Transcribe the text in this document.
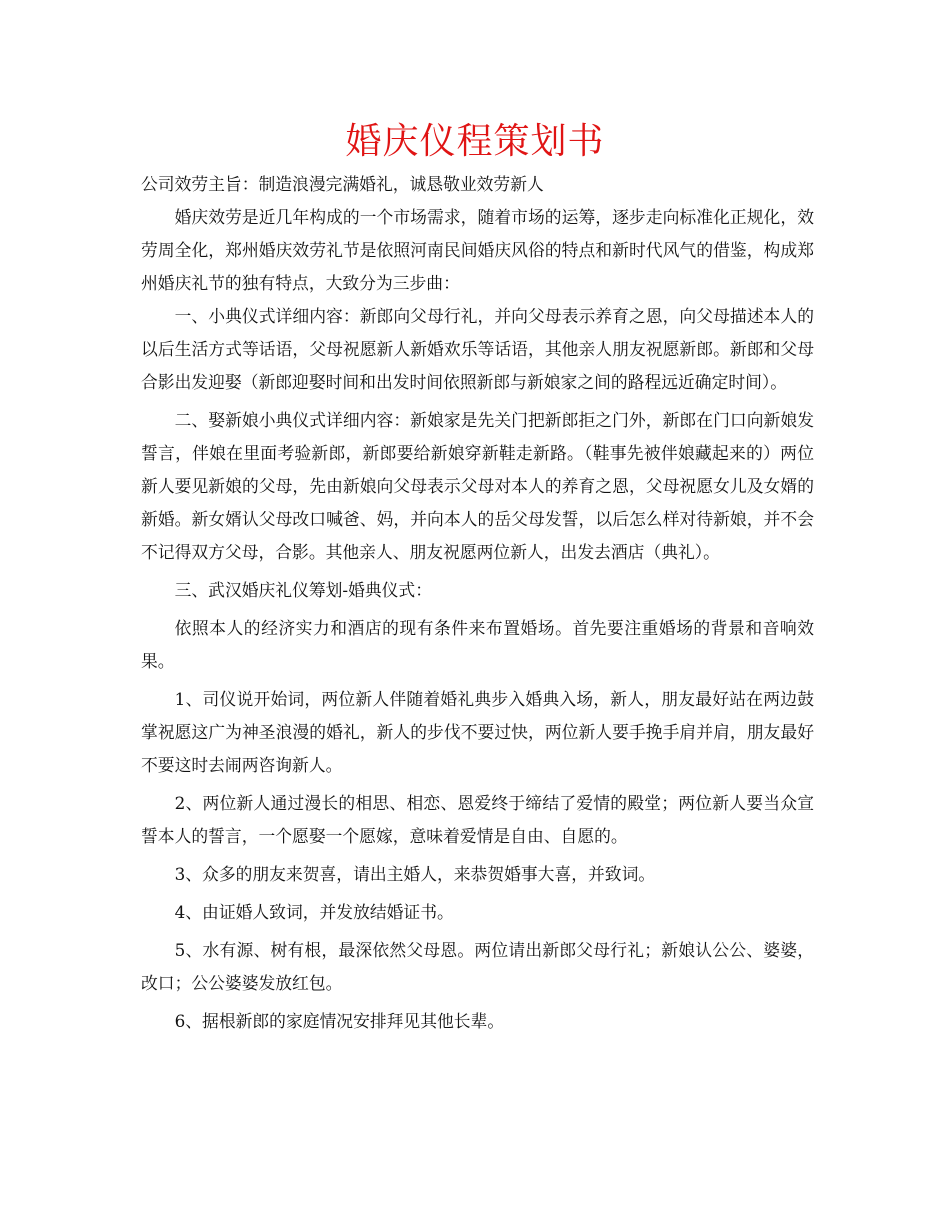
婚庆仪程策划书

公司效劳主旨：制造浪漫完满婚礼，诚恳敬业效劳新人

婚庆效劳是近几年构成的一个市场需求，随着市场的运筹，逐步走向标准化正规化，效劳周全化，郑州婚庆效劳礼节是依照河南民间婚庆风俗的特点和新时代风气的借鉴，构成郑州婚庆礼节的独有特点，大致分为三步曲：

一、小典仪式详细内容：新郎向父母行礼，并向父母表示养育之恩，向父母描述本人的以后生活方式等话语，父母祝愿新人新婚欢乐等话语，其他亲人朋友祝愿新郎。新郎和父母合影出发迎娶（新郎迎娶时间和出发时间依照新郎与新娘家之间的路程远近确定时间）。

二、娶新娘小典仪式详细内容：新娘家是先关门把新郎拒之门外，新郎在门口向新娘发誓言，伴娘在里面考验新郎，新郎要给新娘穿新鞋走新路。（鞋事先被伴娘藏起来的）两位新人要见新娘的父母，先由新娘向父母表示父母对本人的养育之恩，父母祝愿女儿及女婿的新婚。新女婿认父母改口喊爸、妈，并向本人的岳父母发誓，以后怎么样对待新娘，并不会不记得双方父母，合影。其他亲人、朋友祝愿两位新人，出发去酒店（典礼）。

三、武汉婚庆礼仪筹划-婚典仪式：

依照本人的经济实力和酒店的现有条件来布置婚场。首先要注重婚场的背景和音响效果。

1、司仪说开始词，两位新人伴随着婚礼典步入婚典入场，新人，朋友最好站在两边鼓掌祝愿这广为神圣浪漫的婚礼，新人的步伐不要过快，两位新人要手挽手肩并肩，朋友最好不要这时去闹两咨询新人。

2、两位新人通过漫长的相思、相恋、恩爱终于缔结了爱情的殿堂；两位新人要当众宣誓本人的誓言，一个愿娶一个愿嫁，意味着爱情是自由、自愿的。

3、众多的朋友来贺喜，请出主婚人，来恭贺婚事大喜，并致词。

4、由证婚人致词，并发放结婚证书。

5、水有源、树有根，最深依然父母恩。两位请出新郎父母行礼；新娘认公公、婆婆，改口；公公婆婆发放红包。

6、据根新郎的家庭情况安排拜见其他长辈。
